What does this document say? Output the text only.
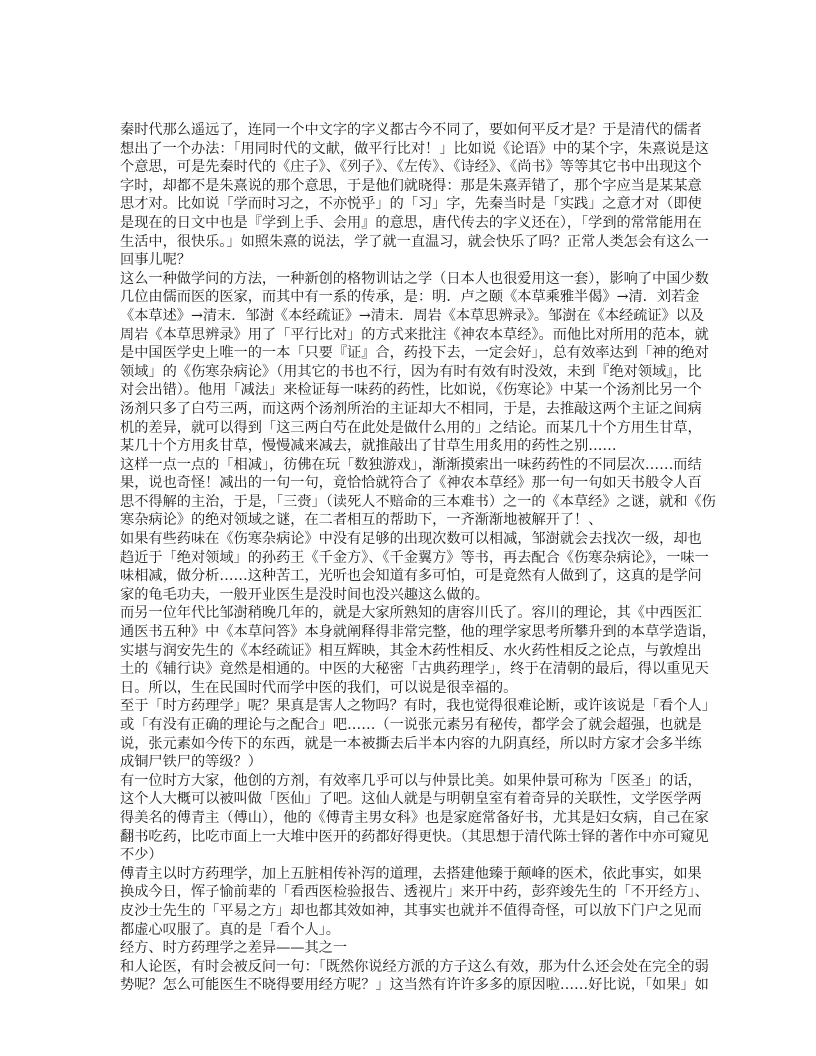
秦时代那么遥远了，连同一个中文字的字义都古今不同了，要如何平反才是？于是清代的儒者
想出了一个办法：「用同时代的文献，做平行比对！」比如说《论语》中的某个字，朱熹说是这
个意思，可是先秦时代的《庄子》、《列子》、《左传》、《诗经》、《尚书》等等其它书中出现这个
字时，却都不是朱熹说的那个意思，于是他们就晓得：那是朱熹弄错了，那个字应当是某某意
思才对。比如说「学而时习之，不亦悦乎」的「习」字，先秦当时是「实践」之意才对（即使
是现在的日文中也是『学到上手、会用』的意思，唐代传去的字义还在），「学到的常常能用在
生活中，很快乐。」如照朱熹的说法，学了就一直温习，就会快乐了吗？正常人类怎会有这么一
回事儿呢？
这么一种做学问的方法，一种新创的格物训诂之学（日本人也很爱用这一套），影响了中国少数
几位由儒而医的医家，而其中有一系的传承，是：明．卢之颐《本草乘雅半偈》→清．刘若金
《本草述》→清末．邹澍《本经疏证》→清末．周岩《本草思辨录》。邹澍在《本经疏证》以及
周岩《本草思辨录》用了「平行比对」的方式来批注《神农本草经》。而他比对所用的范本，就
是中国医学史上唯一的一本「只要『证』合，药投下去，一定会好」，总有效率达到「神的绝对
领域」的《伤寒杂病论》（用其它的书也不行，因为有时有效有时没效，未到『绝对领域』，比
对会出错）。他用「减法」来检证每一味药的药性，比如说，《伤寒论》中某一个汤剂比另一个
汤剂只多了白芍三两，而这两个汤剂所治的主证却大不相同，于是，去推敲这两个主证之间病
机的差异，就可以得到「这三两白芍在此处是做什么用的」之结论。而某几十个方用生甘草，
某几十个方用炙甘草，慢慢减来减去，就推敲出了甘草生用炙用的药性之别……
这样一点一点的「相减」，彷佛在玩「数独游戏」，渐渐摸索出一味药药性的不同层次……而结
果，说也奇怪！减出的一句一句，竟恰恰就符合了《神农本草经》那一句一句如天书般令人百
思不得解的主治，于是，「三赍」（读死人不赔命的三本难书）之一的《本草经》之谜，就和《伤
寒杂病论》的绝对领域之谜，在二者相互的帮助下，一齐渐渐地被解开了！、
如果有些药味在《伤寒杂病论》中没有足够的出现次数可以相减，邹澍就会去找次一级，却也
趋近于「绝对领域」的孙药王《千金方》、《千金翼方》等书，再去配合《伤寒杂病论》，一味一
味相减，做分析……这种苦工，光听也会知道有多可怕，可是竟然有人做到了，这真的是学问
家的龟毛功夫，一般开业医生是没时间也没兴趣这么做的。
而另一位年代比邹澍稍晚几年的，就是大家所熟知的唐容川氏了。容川的理论，其《中西医汇
通医书五种》中《本草问答》本身就阐释得非常完整，他的理学家思考所攀升到的本草学造诣，
实堪与润安先生的《本经疏证》相互辉映，其金木药性相反、水火药性相反之论点，与敦煌出
土的《辅行诀》竟然是相通的。中医的大秘密「古典药理学」，终于在清朝的最后，得以重见天
日。所以，生在民国时代而学中医的我们，可以说是很幸福的。
至于「时方药理学」呢？果真是害人之物吗？有时，我也觉得很难论断，或许该说是「看个人」
或「有没有正确的理论与之配合」吧……（一说张元素另有秘传，都学会了就会超强，也就是
说，张元素如今传下的东西，就是一本被撕去后半本内容的九阴真经，所以时方家才会多半练
成铜尸铁尸的等级？）
有一位时方大家，他创的方剂，有效率几乎可以与仲景比美。如果仲景可称为「医圣」的话，
这个人大概可以被叫做「医仙」了吧。这仙人就是与明朝皇室有着奇异的关联性，文学医学两
得美名的傅青主（傅山），他的《傅青主男女科》也是家庭常备好书，尤其是妇女病，自己在家
翻书吃药，比吃市面上一大堆中医开的药都好得更快。（其思想于清代陈士铎的著作中亦可窥见
不少）
傅青主以时方药理学，加上五脏相传补泻的道理，去搭建他臻于颠峰的医术，依此事实，如果
换成今日，恽子愉前辈的「看西医检验报告、透视片」来开中药，彭弈竣先生的「不开经方」、
皮沙士先生的「平易之方」却也都其效如神，其事实也就并不值得奇怪，可以放下门户之见而
都虚心叹服了。真的是「看个人」。
经方、时方药理学之差异——其之一
和人论医，有时会被反问一句：「既然你说经方派的方子这么有效，那为什么还会处在完全的弱
势呢？怎么可能医生不晓得要用经方呢？」这当然有许许多多的原因啦……好比说，「如果」如
